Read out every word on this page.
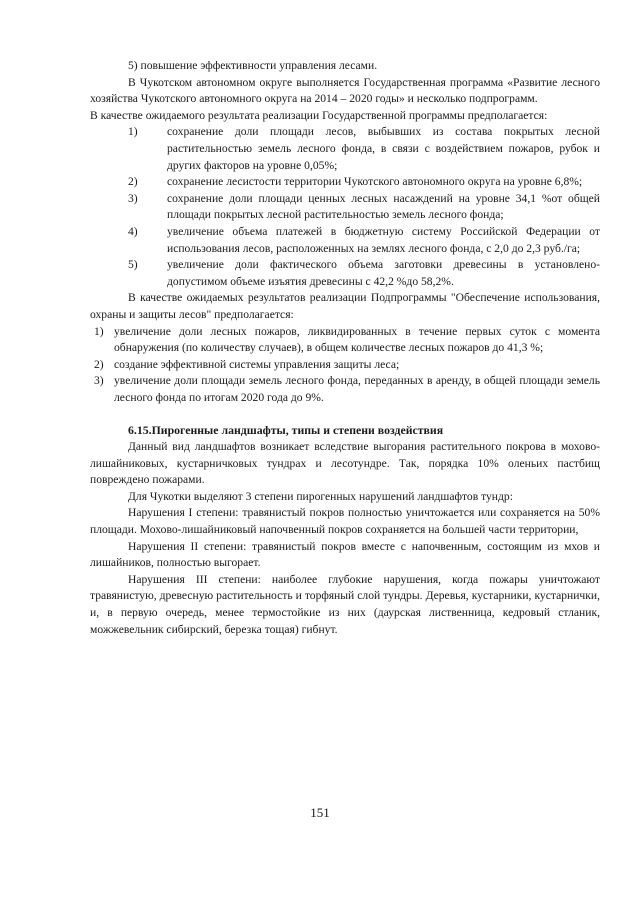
5) повышение эффективности управления лесами.

В Чукотском автономном округе выполняется Государственная программа «Развитие лесного хозяйства Чукотского автономного округа на 2014 – 2020 годы» и несколько подпрограмм.

В качестве ожидаемого результата реализации Государственной программы предполагается:

1)	сохранение доли площади лесов, выбывших из состава покрытых лесной растительностью земель лесного фонда, в связи с воздействием пожаров, рубок и других факторов на уровне 0,05%;
2)	сохранение лесистости территории Чукотского автономного округа на уровне 6,8%;
3)	сохранение доли площади ценных лесных насаждений на уровне 34,1 %от общей площади покрытых лесной растительностью земель лесного фонда;
4)	увеличение объема платежей в бюджетную систему Российской Федерации от использования лесов, расположенных на землях лесного фонда, с 2,0 до 2,3 руб./га;
5)	увеличение доли фактического объема заготовки древесины в установлено-допустимом объеме изъятия древесины с 42,2 %до 58,2%.

В качестве ожидаемых результатов реализации Подпрограммы "Обеспечение использования, охраны и защиты лесов" предполагается:

1) увеличение доли лесных пожаров, ликвидированных в течение первых суток с момента обнаружения (по количеству случаев), в общем количестве лесных пожаров до 41,3 %;
2) создание эффективной системы управления защиты леса;
3) увеличение доли площади земель лесного фонда, переданных в аренду, в общей площади земель лесного фонда по итогам 2020 года до 9%.
6.15.Пирогенные ландшафты, типы и степени воздействия

Данный вид ландшафтов возникает вследствие выгорания растительного покрова в мохово-лишайниковых, кустарничковых тундрах и лесотундре. Так, порядка 10% оленьих пастбищ повреждено пожарами.

Для Чукотки выделяют 3 степени пирогенных нарушений ландшафтов тундр:

Нарушения I степени: травянистый покров полностью уничтожается или сохраняется на 50% площади. Мохово-лишайниковый напочвенный покров сохраняется на большей части территории,

Нарушения II степени: травянистый покров вместе с напочвенным, состоящим из мхов и лишайников, полностью выгорает.

Нарушения III степени: наиболее глубокие нарушения, когда пожары уничтожают травянистую, древесную растительность и торфяный слой тундры. Деревья, кустарники, кустарнички, и, в первую очередь, менее термостойкие из них (даурская лиственница, кедровый стланик, можжевельник сибирский, березка тощая) гибнут.

151
